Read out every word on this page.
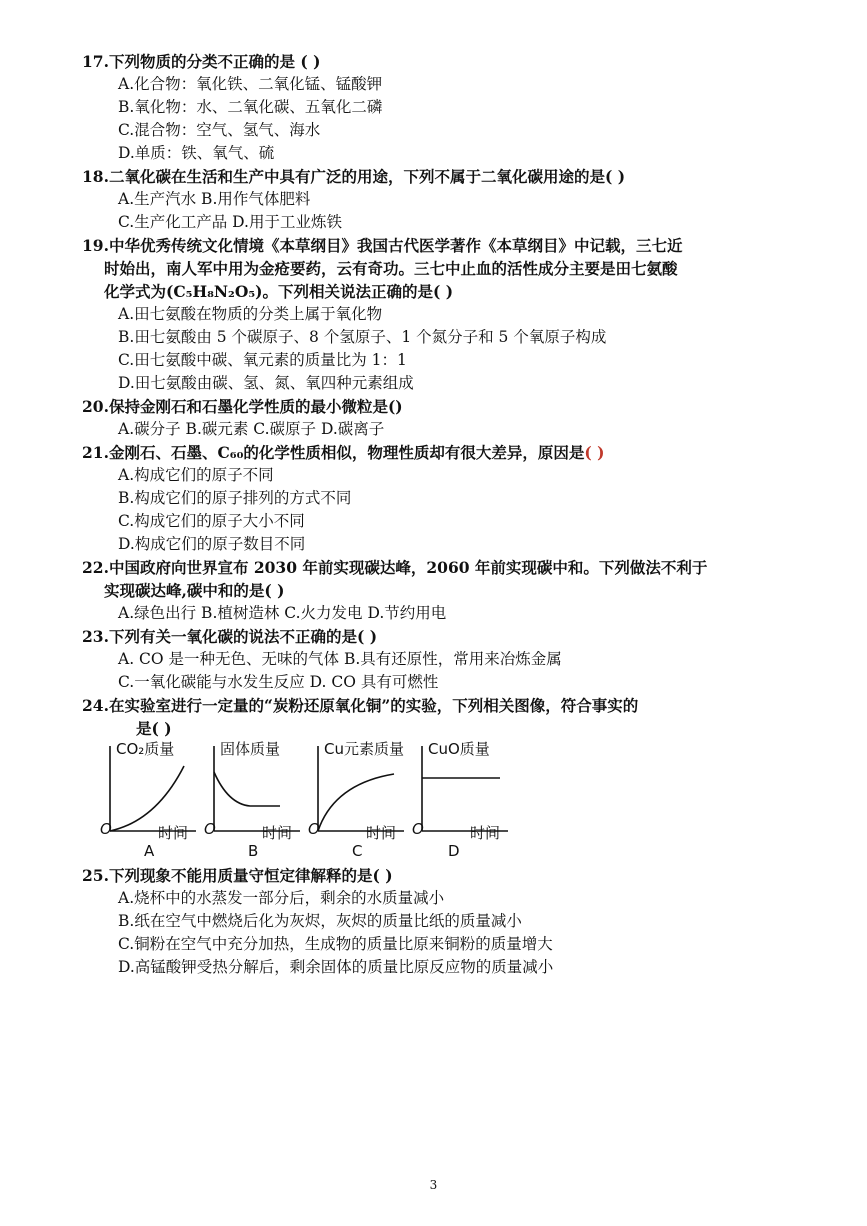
17.下列物质的分类不正确的是 ( )
A.化合物：氧化铁、二氧化锰、锰酸钾
B.氧化物：水、二氧化碳、五氧化二磷
C.混合物：空气、氢气、海水
D.单质：铁、氧气、硫
18.二氧化碳在生活和生产中具有广泛的用途，下列不属于二氧化碳用途的是( )
A.生产汽水 B.用作气体肥料
C.生产化工产品 D.用于工业炼铁
19.中华优秀传统文化情境《本草纲目》我国古代医学著作《本草纲目》中记载，三七近
时始出，南人军中用为金疮要药，云有奇功。三七中止血的活性成分主要是田七氨酸
化学式为(C₅H₈N₂O₅)。下列相关说法正确的是( )
A.田七氨酸在物质的分类上属于氧化物
B.田七氨酸由 5 个碳原子、8 个氢原子、1 个氮分子和 5 个氧原子构成
C.田七氨酸中碳、氧元素的质量比为 1：1
D.田七氨酸由碳、氢、氮、氧四种元素组成
20.保持金刚石和石墨化学性质的最小微粒是()
A.碳分子 B.碳元素 C.碳原子 D.碳离子
21.金刚石、石墨、C₆₀的化学性质相似，物理性质却有很大差异，原因是( )
A.构成它们的原子不同
B.构成它们的原子排列的方式不同
C.构成它们的原子大小不同
D.构成它们的原子数目不同
22.中国政府向世界宣布 2030 年前实现碳达峰，2060 年前实现碳中和。下列做法不利于
实现碳达峰,碳中和的是( )
A.绿色出行 B.植树造林 C.火力发电 D.节约用电
23.下列有关一氧化碳的说法不正确的是( )
A. CO 是一种无色、无味的气体 B.具有还原性，常用来冶炼金属
C.一氧化碳能与水发生反应 D. CO 具有可燃性
24.在实验室进行一定量的“炭粉还原氧化铜”的实验，下列相关图像，符合事实的
是( )
CO₂质量	固体质量	Cu元素质量 CuO质量
O	O	O	O
时间	时间	时间	时间
A	B	C	D
25.下列现象不能用质量守恒定律解释的是( )
A.烧杯中的水蒸发一部分后，剩余的水质量减小
B.纸在空气中燃烧后化为灰烬，灰烬的质量比纸的质量减小
C.铜粉在空气中充分加热，生成物的质量比原来铜粉的质量增大
D.高锰酸钾受热分解后，剩余固体的质量比原反应物的质量减小
3
